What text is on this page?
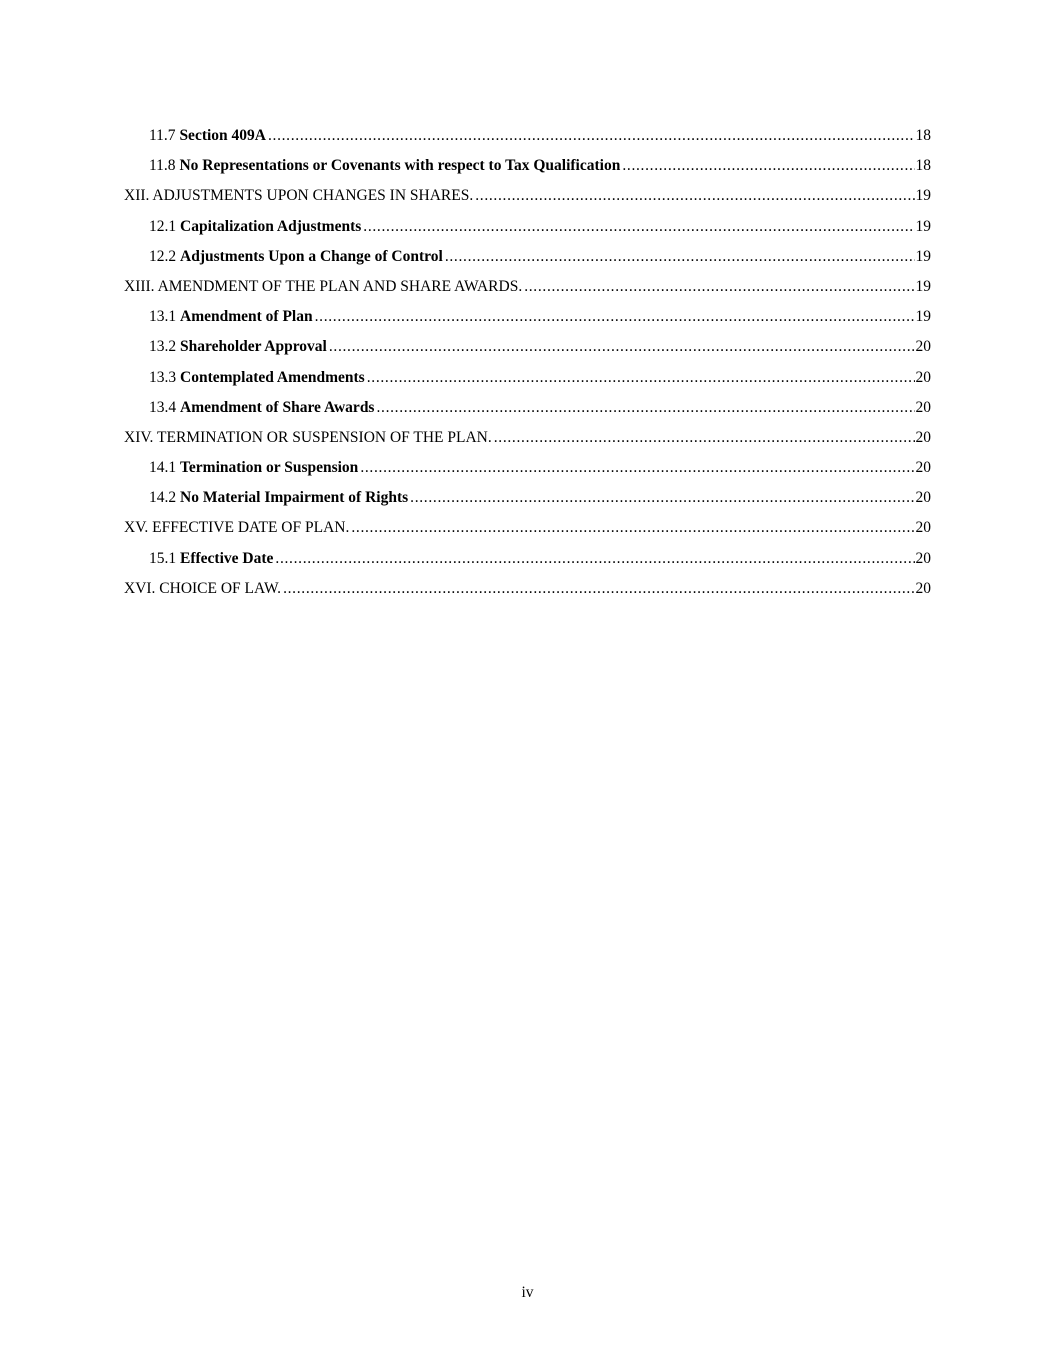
11.7 Section 409A . . .	18
11.8 No Representations or Covenants with respect to Tax Qualification . . .	18
XII. ADJUSTMENTS UPON CHANGES IN SHARES. . . .	19
12.1 Capitalization Adjustments . . .	19
12.2 Adjustments Upon a Change of Control . . .	19
XIII. AMENDMENT OF THE PLAN AND SHARE AWARDS. . . .	19
13.1 Amendment of Plan . . .	19
13.2 Shareholder Approval . . .	20
13.3 Contemplated Amendments . . .	20
13.4 Amendment of Share Awards . . .	20
XIV. TERMINATION OR SUSPENSION OF THE PLAN. . . .	20
14.1 Termination or Suspension . . .	20
14.2 No Material Impairment of Rights . . .	20
XV. EFFECTIVE DATE OF PLAN. . . .	20
15.1 Effective Date . . .	20
XVI. CHOICE OF LAW. . . .	20
iv
